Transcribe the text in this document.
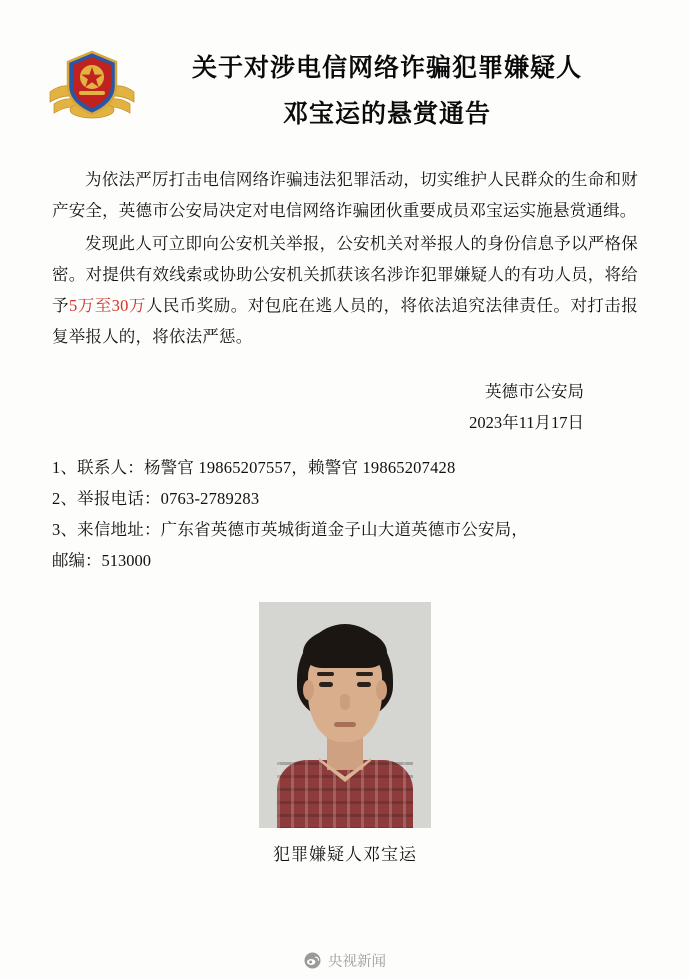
关于对涉电信网络诈骗犯罪嫌疑人
邓宝运的悬赏通告

为依法严厉打击电信网络诈骗违法犯罪活动，切实维护人民群众的生命和财产安全，英德市公安局决定对电信网络诈骗团伙重要成员邓宝运实施悬赏通缉。

发现此人可立即向公安机关举报，公安机关对举报人的身份信息予以严格保密。对提供有效线索或协助公安机关抓获该名涉诈犯罪嫌疑人的有功人员，将给予5万至30万人民币奖励。对包庇在逃人员的，将依法追究法律责任。对打击报复举报人的，将依法严惩。

英德市公安局
2023年11月17日
1、联系人：杨警官 19865207557，赖警官 19865207428
2、举报电话：0763-2789283
3、来信地址：广东省英德市英城街道金子山大道英德市公安局，
邮编：513000
犯罪嫌疑人邓宝运
央视新闻
